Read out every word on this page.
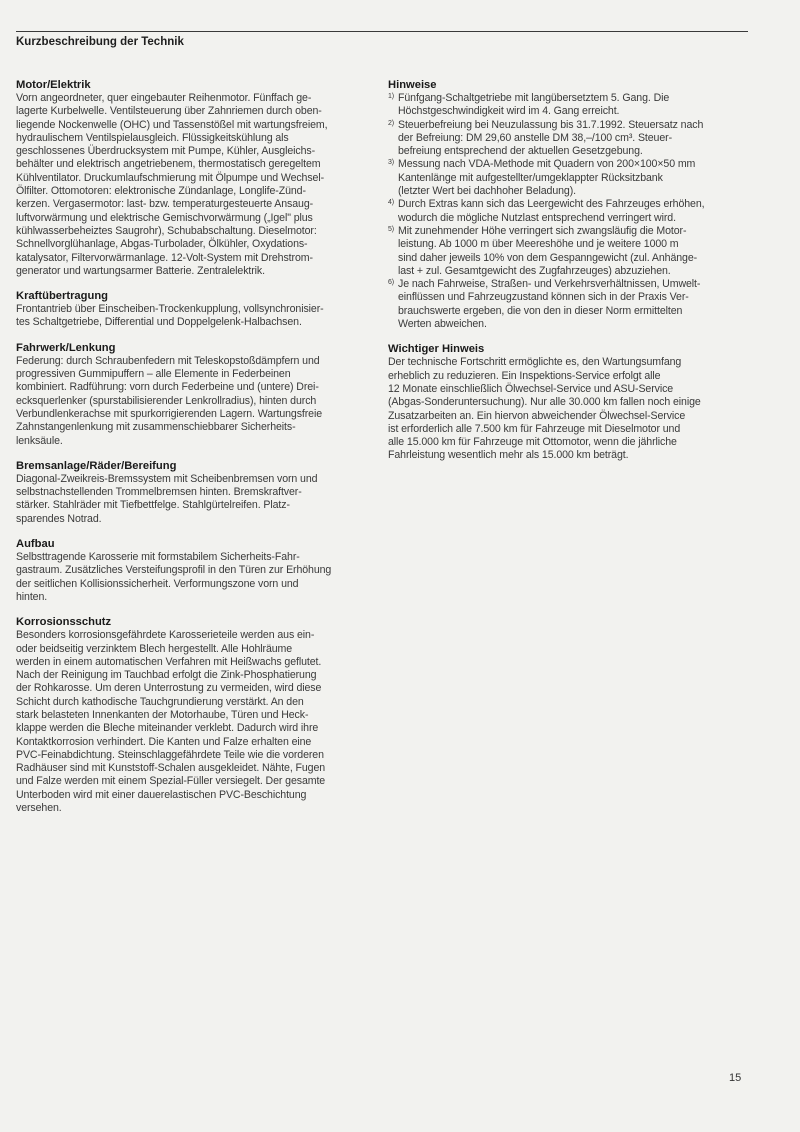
Kurzbeschreibung der Technik
Motor/Elektrik

Vorn angeordneter, quer eingebauter Reihenmotor. Fünffach ge-
lagerte Kurbelwelle. Ventilsteuerung über Zahnriemen durch oben-
liegende Nockenwelle (OHC) und Tassenstößel mit wartungsfreiem,
hydraulischem Ventilspielausgleich. Flüssigkeitskühlung als
geschlossenes Überdrucksystem mit Pumpe, Kühler, Ausgleichs-
behälter und elektrisch angetriebenem, thermostatisch geregeltem
Kühlventilator. Druckumlaufschmierung mit Ölpumpe und Wechsel-
Ölfilter. Ottomotoren: elektronische Zündanlage, Longlife-Zünd-
kerzen. Vergasermotor: last- bzw. temperaturgesteuerte Ansaug-
luftvorwärmung und elektrische Gemischvorwärmung („Igel" plus
kühlwasserbeheiztes Saugrohr), Schubabschaltung. Dieselmotor:
Schnellvorglühanlage, Abgas-Turbolader, Ölkühler, Oxydations-
katalysator, Filtervorwärmanlage. 12-Volt-System mit Drehstrom-
generator und wartungsarmer Batterie. Zentralelektrik.

Kraftübertragung

Frontantrieb über Einscheiben-Trockenkupplung, vollsynchronisier-
tes Schaltgetriebe, Differential und Doppelgelenk-Halbachsen.

Fahrwerk/Lenkung

Federung: durch Schraubenfedern mit Teleskopstoßdämpfern und
progressiven Gummipuffern – alle Elemente in Federbeinen
kombiniert. Radführung: vorn durch Federbeine und (untere) Drei-
ecksquerlenker (spurstabilisierender Lenkrollradius), hinten durch
Verbundlenkerachse mit spurkorrigierenden Lagern. Wartungsfreie
Zahnstangenlenkung mit zusammenschiebbarer Sicherheits-
lenksäule.

Bremsanlage/Räder/Bereifung

Diagonal-Zweikreis-Bremssystem mit Scheibenbremsen vorn und
selbstnachstellenden Trommelbremsen hinten. Bremskraftver-
stärker. Stahlräder mit Tiefbettfelge. Stahlgürtelreifen. Platz-
sparendes Notrad.

Aufbau

Selbsttragende Karosserie mit formstabilem Sicherheits-Fahr-
gastraum. Zusätzliches Versteifungsprofil in den Türen zur Erhöhung
der seitlichen Kollisionssicherheit. Verformungszone vorn und
hinten.

Korrosionsschutz

Besonders korrosionsgefährdete Karosserieteile werden aus ein-
oder beidseitig verzinktem Blech hergestellt. Alle Hohlräume
werden in einem automatischen Verfahren mit Heißwachs geflutet.
Nach der Reinigung im Tauchbad erfolgt die Zink-Phosphatierung
der Rohkarosse. Um deren Unterrostung zu vermeiden, wird diese
Schicht durch kathodische Tauchgrundierung verstärkt. An den
stark belasteten Innenkanten der Motorhaube, Türen und Heck-
klappe werden die Bleche miteinander verklebt. Dadurch wird ihre
Kontaktkorrosion verhindert. Die Kanten und Falze erhalten eine
PVC-Feinabdichtung. Steinschlaggefährdete Teile wie die vorderen
Radhäuser sind mit Kunststoff-Schalen ausgekleidet. Nähte, Fugen
und Falze werden mit einem Spezial-Füller versiegelt. Der gesamte
Unterboden wird mit einer dauerelastischen PVC-Beschichtung
versehen.

Hinweise
1) Fünfgang-Schaltgetriebe mit langübersetztem 5. Gang. Die
Höchstgeschwindigkeit wird im 4. Gang erreicht.
2) Steuerbefreiung bei Neuzulassung bis 31.7.1992. Steuersatz nach
der Befreiung: DM 29,60 anstelle DM 38,–/100 cm³. Steuer-
befreiung entsprechend der aktuellen Gesetzgebung.
3) Messung nach VDA-Methode mit Quadern von 200×100×50 mm
Kantenlänge mit aufgestellter/umgeklappter Rücksitzbank
(letzter Wert bei dachhoher Beladung).
4) Durch Extras kann sich das Leergewicht des Fahrzeuges erhöhen,
wodurch die mögliche Nutzlast entsprechend verringert wird.
5) Mit zunehmender Höhe verringert sich zwangsläufig die Motor-
leistung. Ab 1000 m über Meereshöhe und je weitere 1000 m
sind daher jeweils 10% von dem Gespanngewicht (zul. Anhänge-
last + zul. Gesamtgewicht des Zugfahrzeuges) abzuziehen.
6) Je nach Fahrweise, Straßen- und Verkehrsverhältnissen, Umwelt-
einflüssen und Fahrzeugzustand können sich in der Praxis Ver-
brauchswerte ergeben, die von den in dieser Norm ermittelten
Werten abweichen.
Wichtiger Hinweis

Der technische Fortschritt ermöglichte es, den Wartungsumfang
erheblich zu reduzieren. Ein Inspektions-Service erfolgt alle
12 Monate einschließlich Ölwechsel-Service und ASU-Service
(Abgas-Sonderuntersuchung). Nur alle 30.000 km fallen noch einige
Zusatzarbeiten an. Ein hiervon abweichender Ölwechsel-Service
ist erforderlich alle 7.500 km für Fahrzeuge mit Dieselmotor und
alle 15.000 km für Fahrzeuge mit Ottomotor, wenn die jährliche
Fahrleistung wesentlich mehr als 15.000 km beträgt.

15
